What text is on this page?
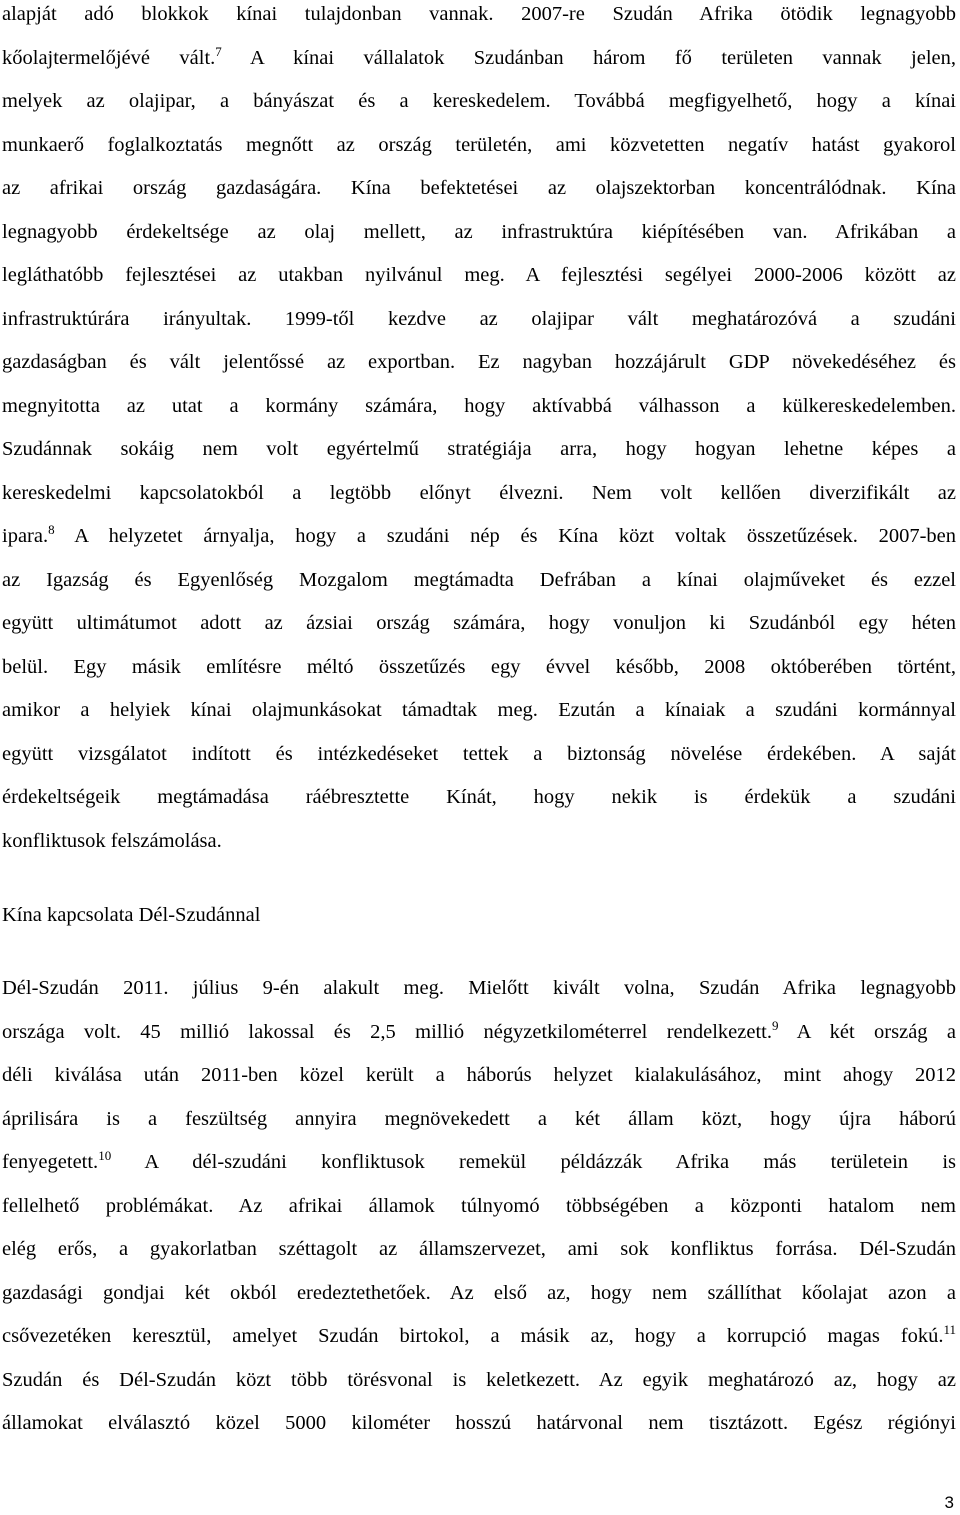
alapját adó blokkok kínai tulajdonban vannak. 2007-re Szudán Afrika ötödik legnagyobb
kőolajtermelőjévé vált.$^7$ A kínai vállalatok Szudánban három fő területen vannak jelen,
melyek az olajipar, a bányászat és a kereskedelem. Továbbá megfigyelhető, hogy a kínai
munkaerő foglalkoztatás megnőtt az ország területén, ami közvetetten negatív hatást gyakorol
az afrikai ország gazdaságára. Kína befektetései az olajszektorban koncentrálódnak. Kína
legnagyobb érdekeltsége az olaj mellett, az infrastruktúra kiépítésében van. Afrikában a
legláthatóbb fejlesztései az utakban nyilvánul meg. A fejlesztési segélyei 2000-2006 között az
infrastruktúrára irányultak. 1999-től kezdve az olajipar vált meghatározóvá a szudáni
gazdaságban és vált jelentőssé az exportban. Ez nagyban hozzájárult GDP növekedéséhez és
megnyitotta az utat a kormány számára, hogy aktívabbá válhasson a külkereskedelemben.
Szudánnak sokáig nem volt egyértelmű stratégiája arra, hogy hogyan lehetne képes a
kereskedelmi kapcsolatokból a legtöbb előnyt élvezni. Nem volt kellően diverzifikált az
ipara.$^8$ A helyzetet árnyalja, hogy a szudáni nép és Kína közt voltak összetűzések. 2007-ben
az Igazság és Egyenlőség Mozgalom megtámadta Defrában a kínai olajműveket és ezzel
együtt ultimátumot adott az ázsiai ország számára, hogy vonuljon ki Szudánból egy héten
belül. Egy másik említésre méltó összetűzés egy évvel később, 2008 októberében történt,
amikor a helyiek kínai olajmunkásokat támadtak meg. Ezután a kínaiak a szudáni kormánnyal
együtt vizsgálatot indított és intézkedéseket tettek a biztonság növelése érdekében. A saját
érdekeltségeik megtámadása ráébresztette Kínát, hogy nekik is érdekük a szudáni
konfliktusok felszámolása.
Kína kapcsolata Dél-Szudánnal
Dél-Szudán 2011. július 9-én alakult meg. Mielőtt kivált volna, Szudán Afrika legnagyobb
országa volt. 45 millió lakossal és 2,5 millió négyzetkilométerrel rendelkezett.$^9$ A két ország a
déli kiválása után 2011-ben közel került a háborús helyzet kialakulásához, mint ahogy 2012
áprilisára is a feszültség annyira megnövekedett a két állam közt, hogy újra háború
fenyegetett.$^{10}$ A dél-szudáni konfliktusok remekül példázzák Afrika más területein is
fellelhető problémákat. Az afrikai államok túlnyomó többségében a központi hatalom nem
elég erős, a gyakorlatban széttagolt az államszervezet, ami sok konfliktus forrása. Dél-Szudán
gazdasági gondjai két okból eredeztethetőek. Az első az, hogy nem szállíthat kőolajat azon a
csővezetéken keresztül, amelyet Szudán birtokol, a másik az, hogy a korrupció magas fokú.$^{11}$
Szudán és Dél-Szudán közt több törésvonal is keletkezett. Az egyik meghatározó az, hogy az
államokat elválasztó közel 5000 kilométer hosszú határvonal nem tisztázott. Egész régiónyi
3
